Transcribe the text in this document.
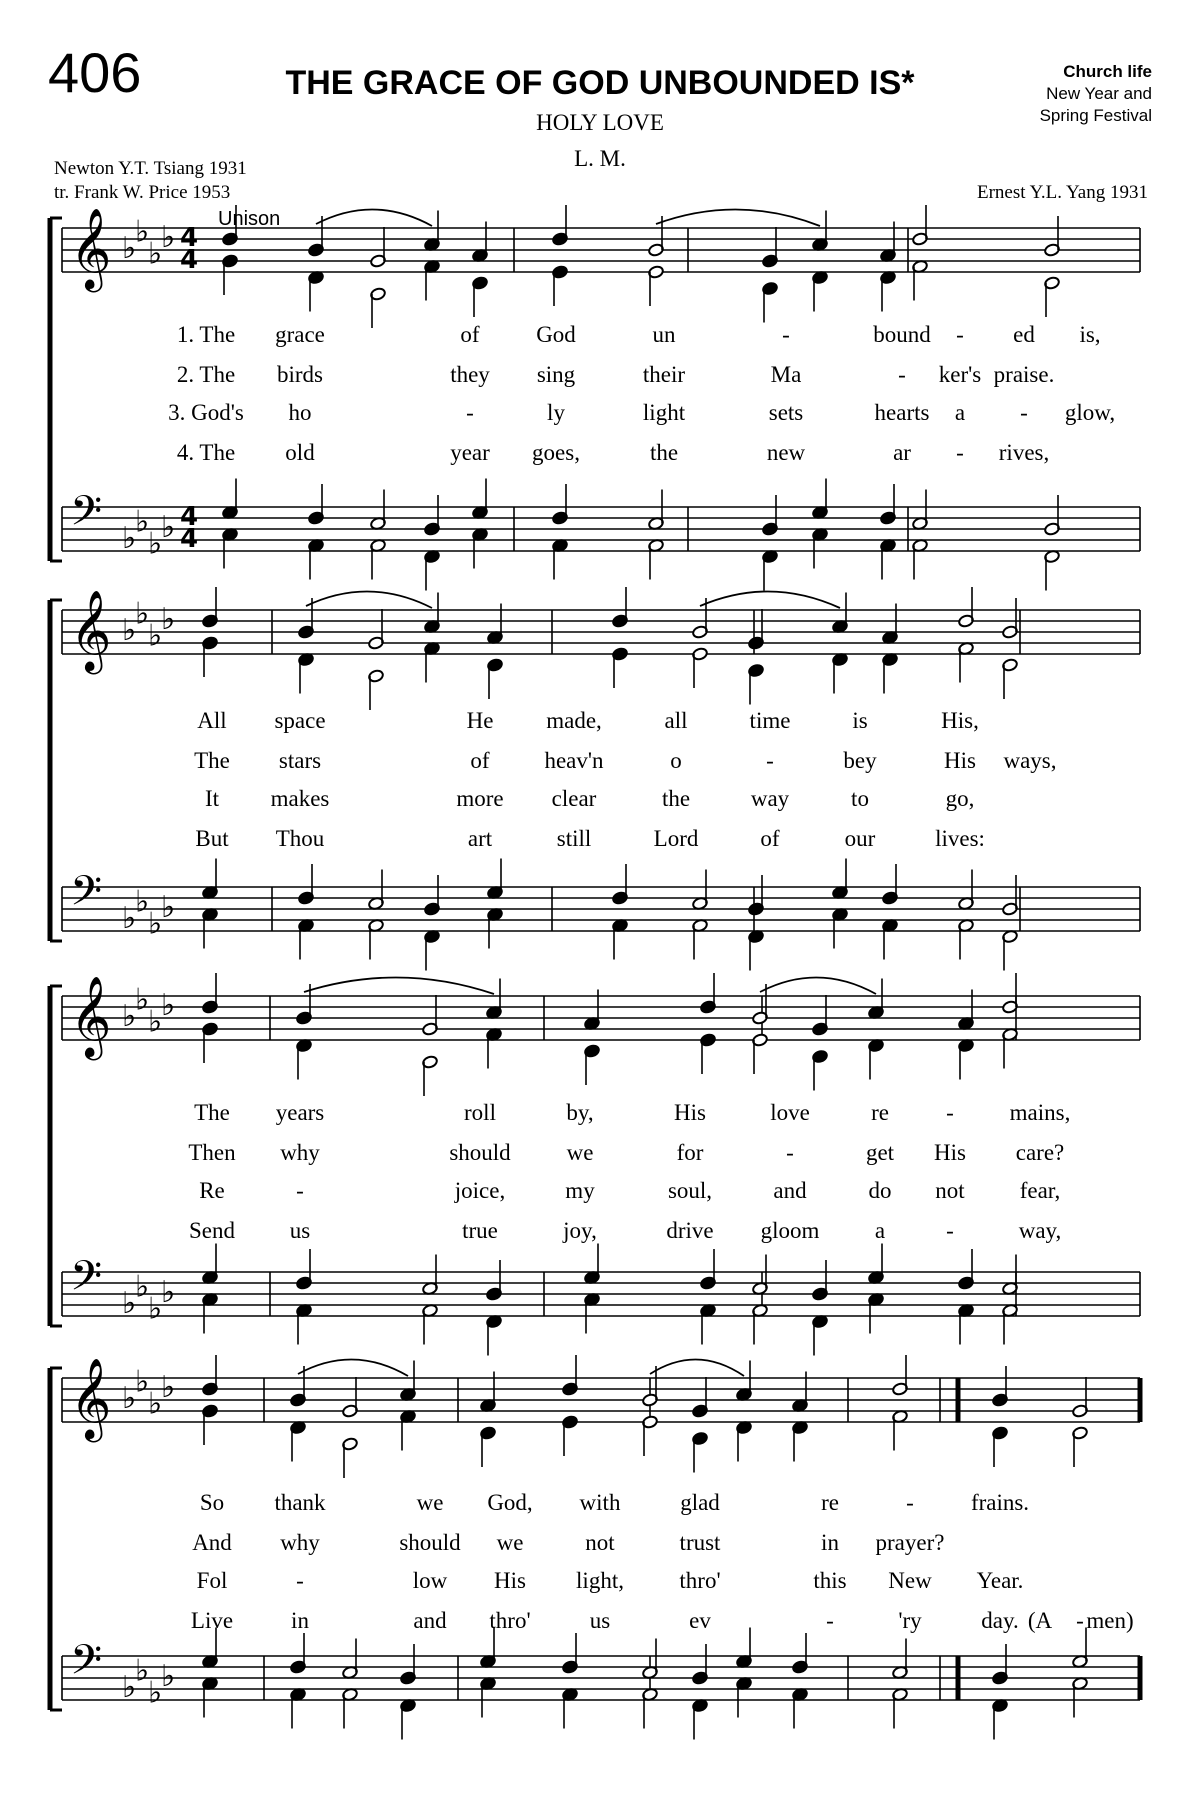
406	THE GRACE OF GOD UNBOUNDED IS*
HOLY LOVE
L. M.
Church life
New Year and
Spring Festival
Newton Y.T. Tsiang 1931
tr. Frank W. Price 1953	Ernest Y.L. Yang 1931
Unison
𝄞 ♭
♭
♭
♭
𝄢 ♭
♭
♭
♭
4
4
4
4
𝄞 ♭
♭
♭
♭
𝄢 ♭
♭
♭
♭
𝄞 ♭
♭
♭
♭
𝄢 ♭
♭
♭
♭
𝄞 ♭
♭
♭
♭
𝄢 ♭
♭
♭
♭
1. The grace	of God	un	-	bound - ed is,
2. The birds	they sing	their	Ma	- ker's praise.
3. God's ho	-	ly	light	sets	hearts a - glow,
4. The old	year goes,	the	new	ar - rives,
All space	He made,	all	time	is	His,
The stars	of heav'n	o	-	bey	His ways,
It makes	more clear	the	way	to	go,
But Thou	art	still	Lord	of	our	lives:
The years	roll	by,	His	love	re - mains,
Then why	should we	for	-	get His care?
Re	-	joice,	my	soul,	and	do not fear,
Send us	true	joy,	drive gloom a	-	way,
So thank	we God, with	glad	re	- frains.
And why	should we	not	trust	in prayer?
Fol	-	low His light, thro'	this New Year.
Live	in	and thro'	us	ev	-	'ry	day. (A - men)
